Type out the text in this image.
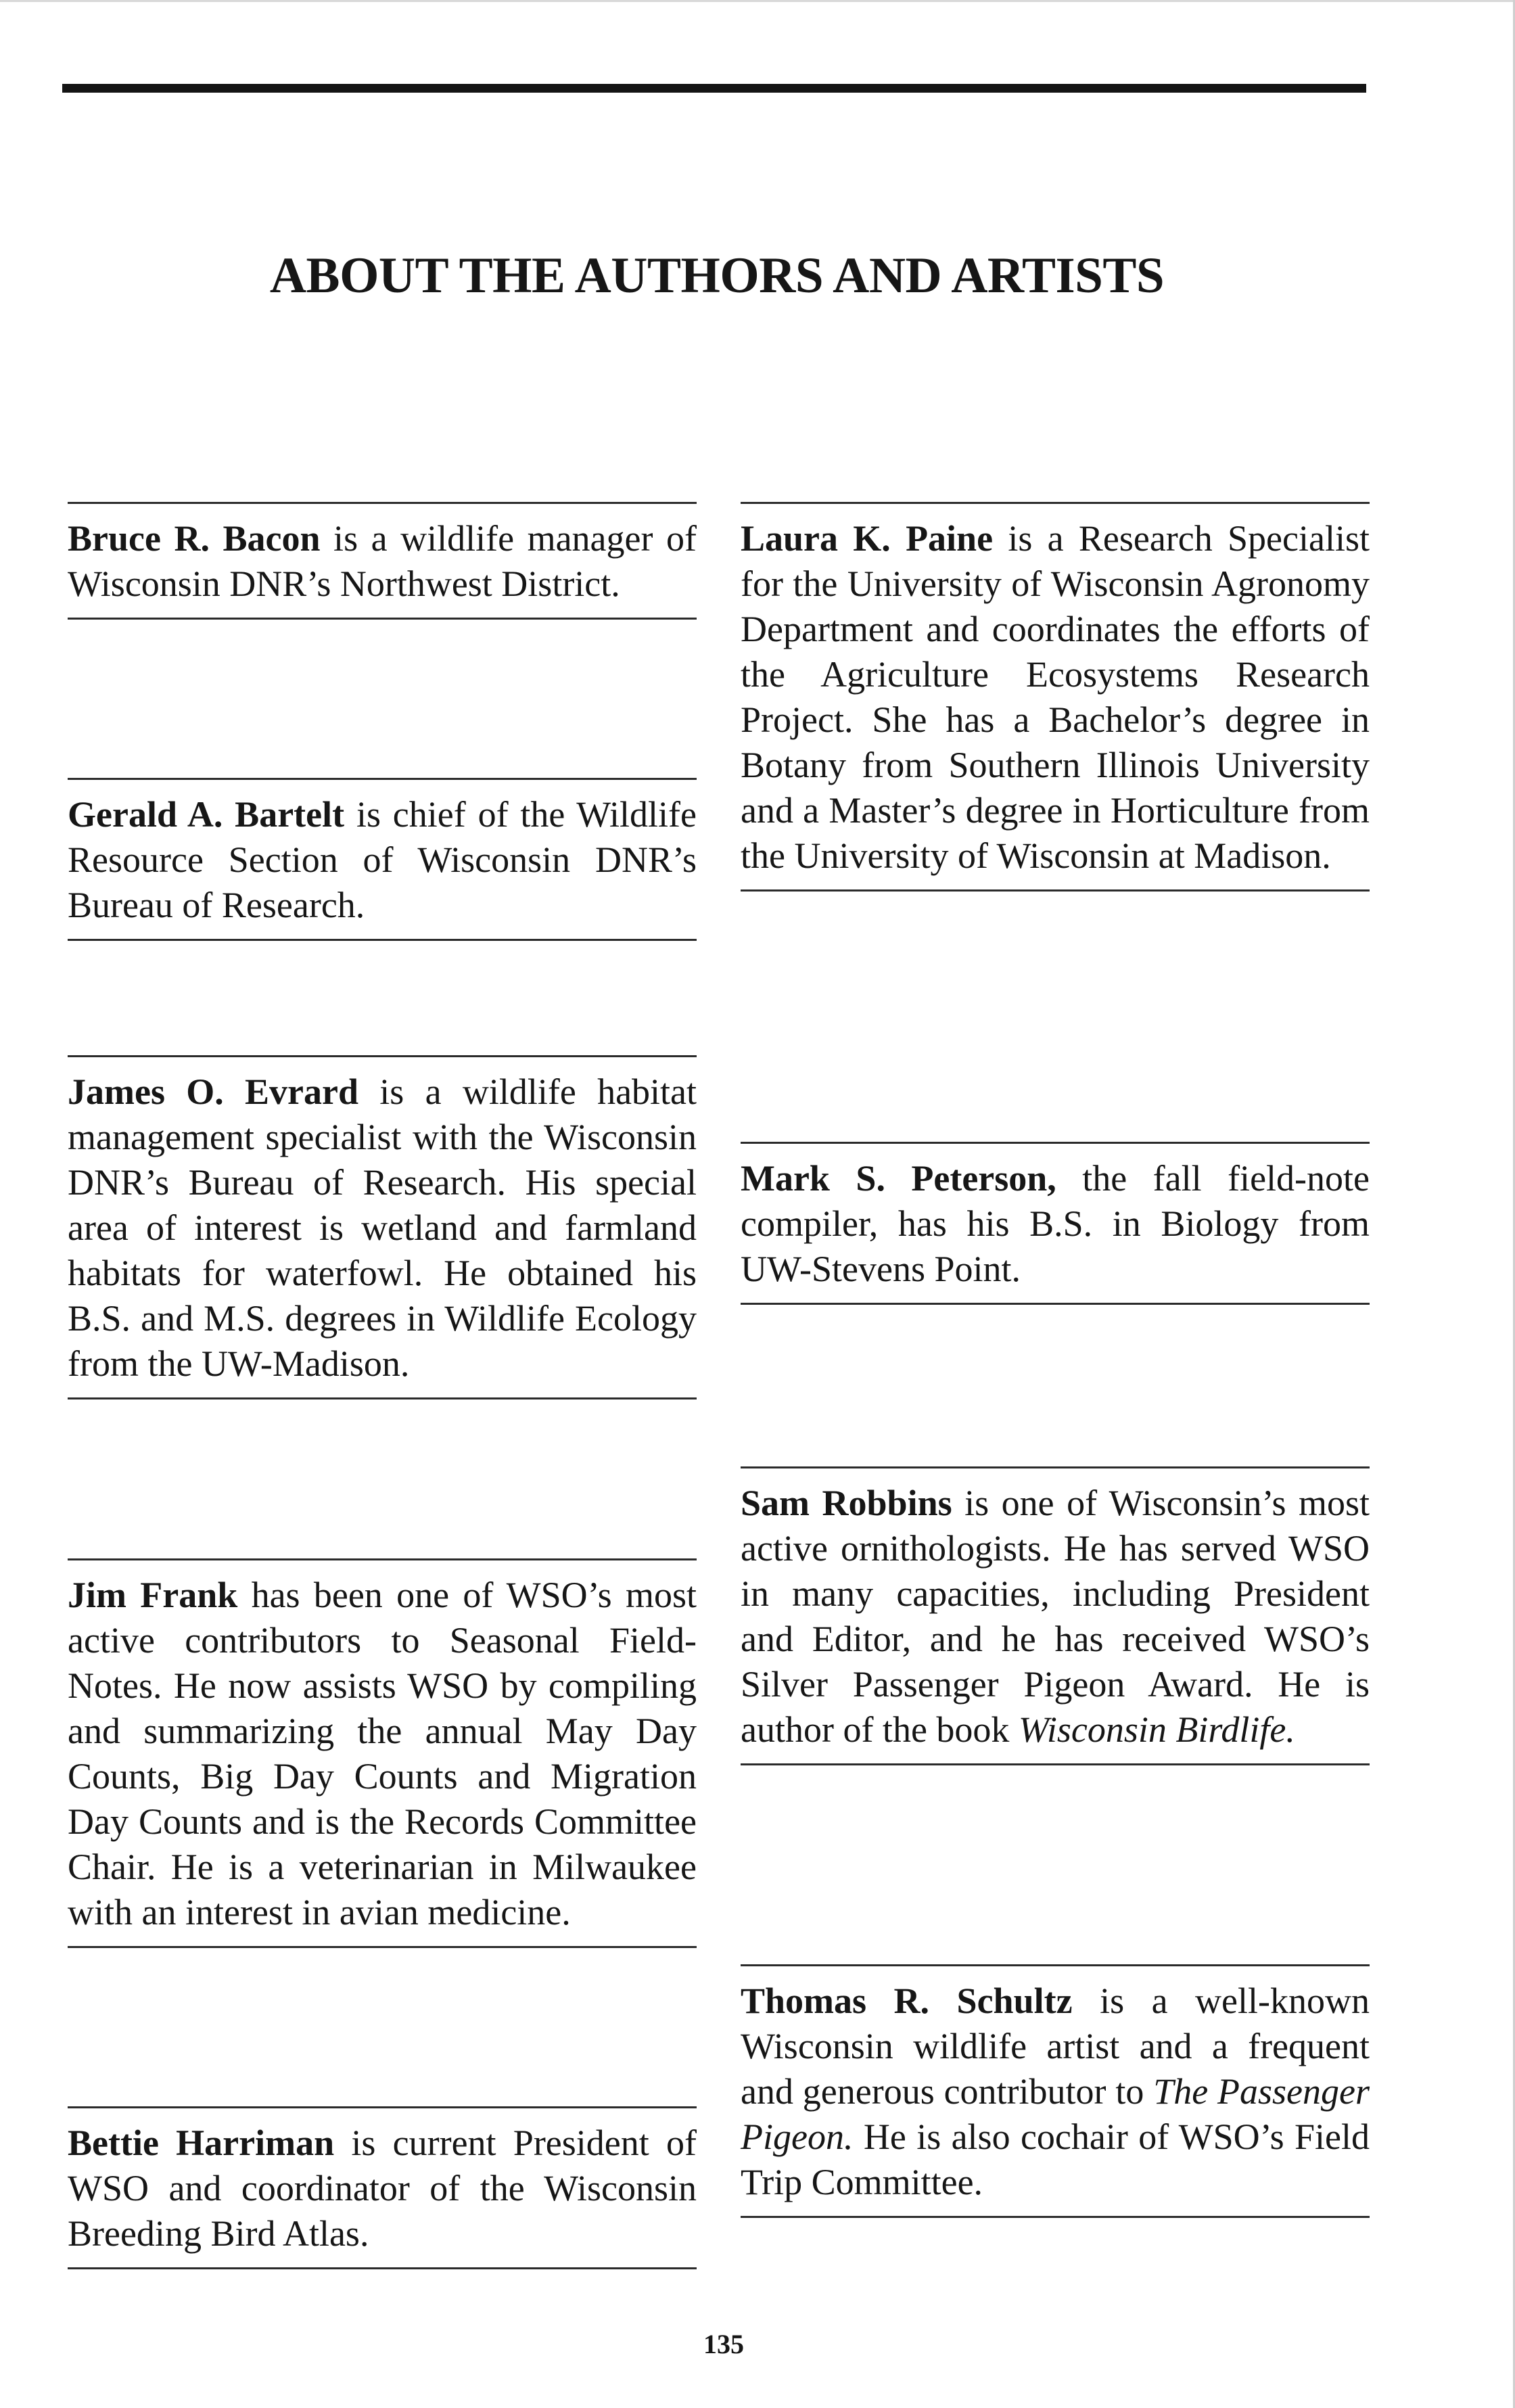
ABOUT THE AUTHORS AND ARTISTS

Bruce R. Bacon is a wildlife manager of Wisconsin DNR’s Northwest District.

Gerald A. Bartelt is chief of the Wildlife Resource Section of Wisconsin DNR’s Bureau of Research.

James O. Evrard is a wildlife habitat management specialist with the Wisconsin DNR’s Bureau of Research. His special area of interest is wetland and farmland habitats for waterfowl. He obtained his B.S. and M.S. degrees in Wildlife Ecology from the UW-Madison.

Jim Frank has been one of WSO’s most active contributors to Seasonal Field-Notes. He now assists WSO by compiling and summarizing the annual May Day Counts, Big Day Counts and Migration Day Counts and is the Records Committee Chair. He is a veterinarian in Milwaukee with an interest in avian medicine.

Bettie Harriman is current President of WSO and coordinator of the Wisconsin Breeding Bird Atlas.

Laura K. Paine is a Research Specialist for the University of Wisconsin Agronomy Department and coordinates the efforts of the Agriculture Ecosystems Research Project. She has a Bachelor’s degree in Botany from Southern Illinois University and a Master’s degree in Horticulture from the University of Wisconsin at Madison.

Mark S. Peterson, the fall field-note compiler, has his B.S. in Biology from UW-Stevens Point.

Sam Robbins is one of Wisconsin’s most active ornithologists. He has served WSO in many capacities, including President and Editor, and he has received WSO’s Silver Passenger Pigeon Award. He is author of the book Wisconsin Birdlife.

Thomas R. Schultz is a well-known Wisconsin wildlife artist and a frequent and generous contributor to The Passenger Pigeon. He is also cochair of WSO’s Field Trip Committee.

135
